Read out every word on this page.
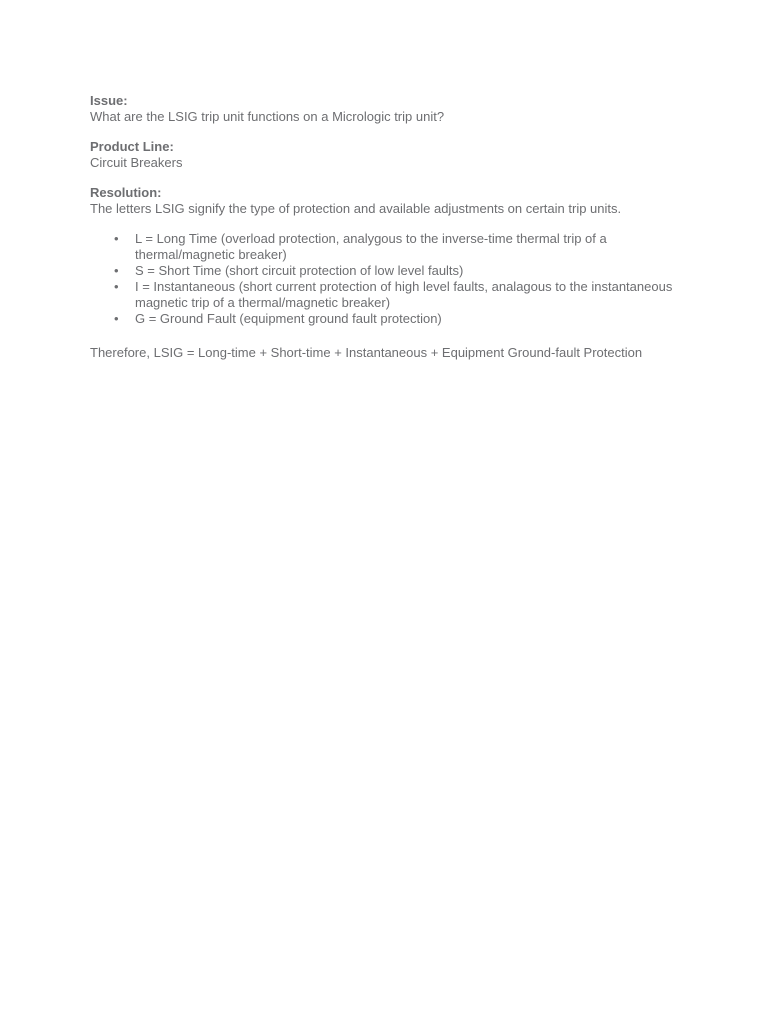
Issue:
What are the LSIG trip unit functions on a Micrologic trip unit?
Product Line:
Circuit Breakers
Resolution:
The letters LSIG signify the type of protection and available adjustments on certain trip units.
• L = Long Time (overload protection, analygous to the inverse-time thermal trip of a thermal/magnetic breaker)
• S = Short Time (short circuit protection of low level faults)
• I = Instantaneous (short current protection of high level faults, analagous to the instantaneous magnetic trip of a thermal/magnetic breaker)
• G = Ground Fault (equipment ground fault protection)
Therefore, LSIG = Long-time + Short-time + Instantaneous + Equipment Ground-fault Protection
